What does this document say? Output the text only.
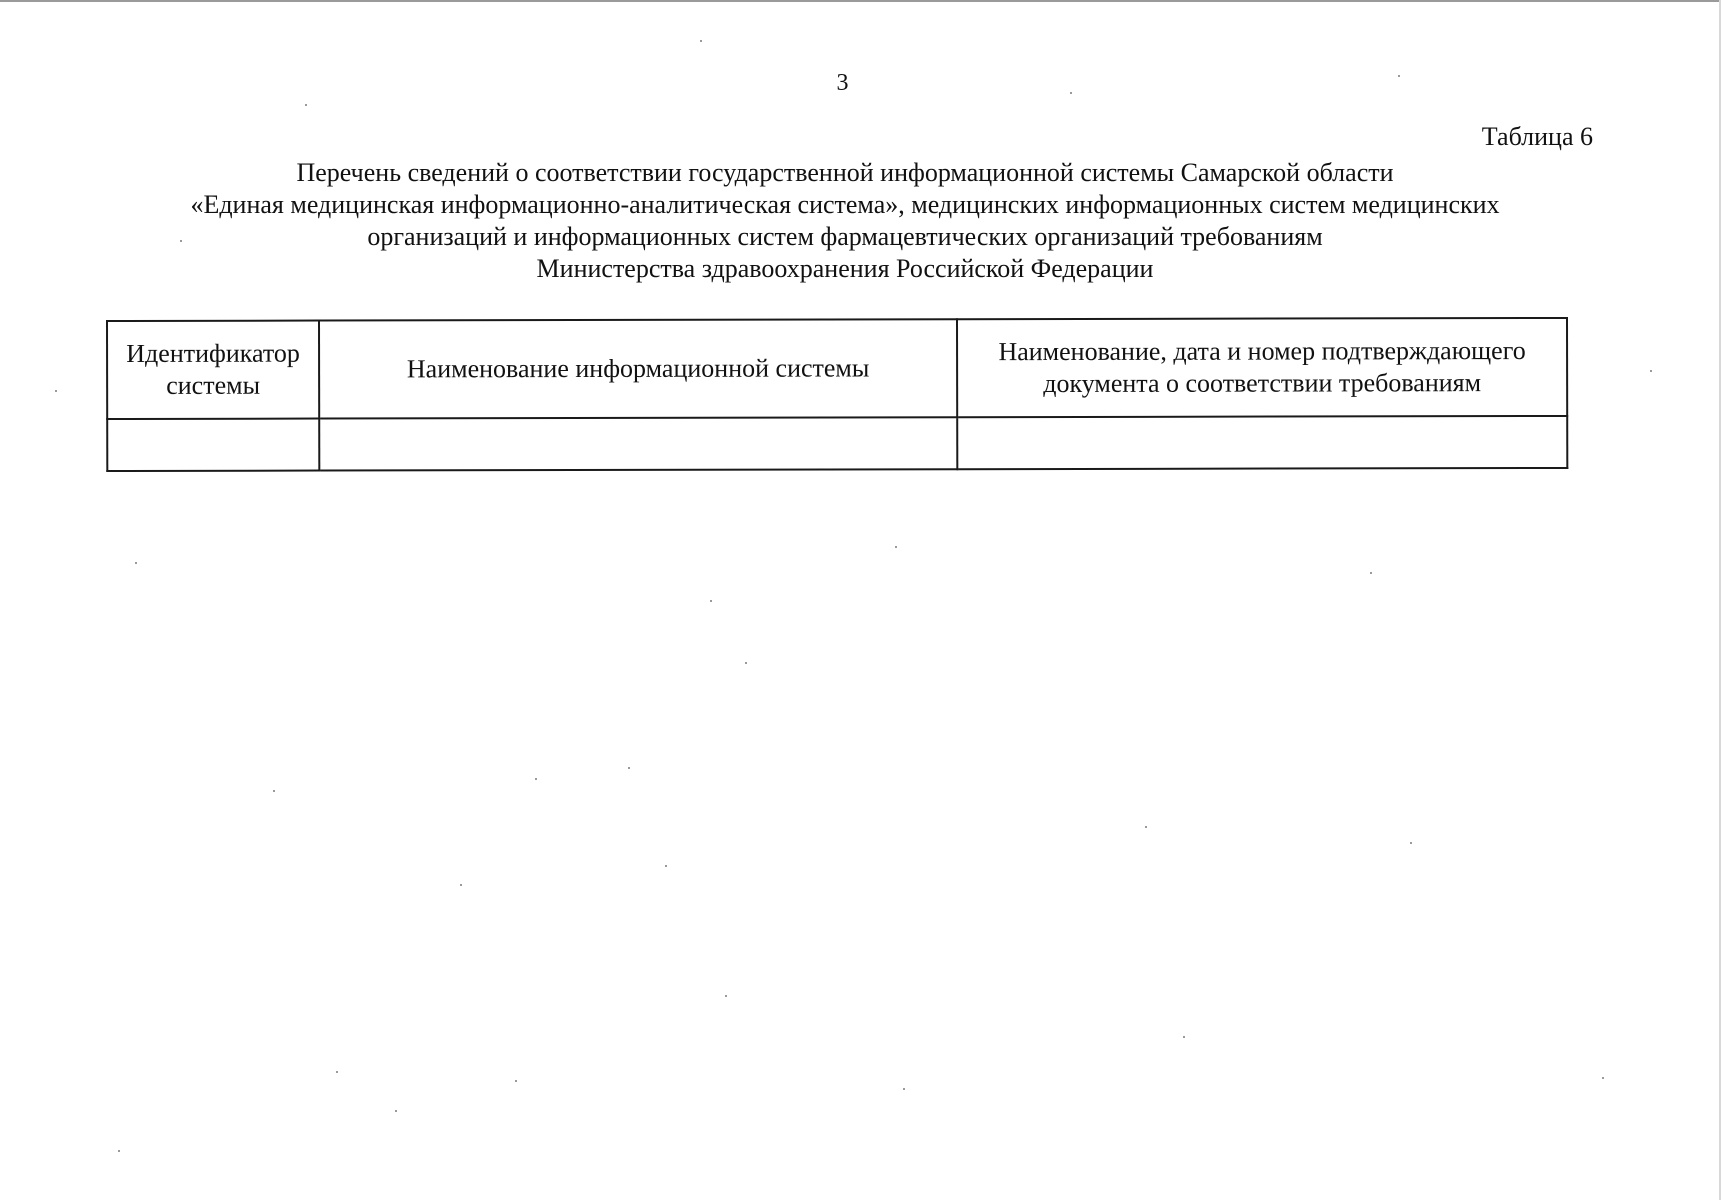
3
Таблица 6
Перечень сведений о соответствии государственной информационной системы Самарской области
«Единая медицинская информационно-аналитическая система», медицинских информационных систем медицинских
организаций и информационных систем фармацевтических организаций требованиям
Министерства здравоохранения Российской Федерации
Идентификатор системы	Наименование информационной системы	Наименование, дата и номер подтверждающего документа о соответствии требованиям
